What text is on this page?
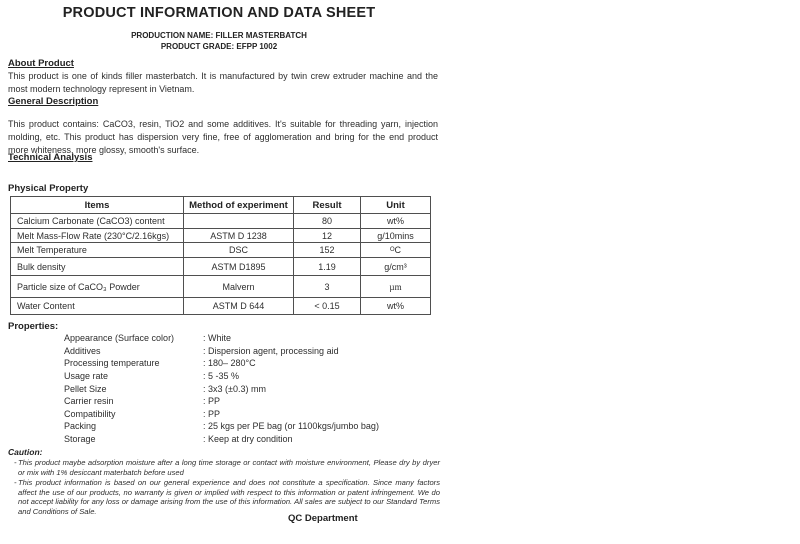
PRODUCT INFORMATION AND DATA SHEET
PRODUCTION NAME: FILLER MASTERBATCH
PRODUCT GRADE: EFPP 1002
About Product
This product is one of kinds filler masterbatch. It is manufactured by twin crew extruder machine and the most modern technology represent in Vietnam.
General Description
This product contains: CaCO3, resin, TiO2 and some additives. It's suitable for threading yarn, injection molding, etc. This product has dispersion very fine, free of agglomeration and bring for the end product more whiteness, more glossy, smooth's surface.
Technical Analysis
Physical Property
Items	Method of experiment	Result	Unit
Calcium Carbonate (CaCO3) content		80	wt%
Melt Mass-Flow Rate (230°C/2.16kgs)	ASTM D 1238	12	g/10mins
Melt Temperature	DSC	152	ᴼC
Bulk density	ASTM D1895	1.19	g/cm³
Particle size of CaCO₃ Powder	Malvern	3	µm
Water Content	ASTM D 644	< 0.15	wt%
Properties:
Appearance (Surface color)	: White
Additives	: Dispersion agent, processing aid
Processing temperature	: 180– 280°C
Usage rate	: 5 -35 %
Pellet Size	: 3x3 (±0.3) mm
Carrier resin	: PP
Compatibility	: PP
Packing	: 25 kgs per PE bag (or 1100kgs/jumbo bag)
Storage	: Keep at dry condition
Caution:
- This product maybe adsorption moisture after a long time storage or contact with moisture environment, Please dry by dryer or mix with 1% desiccant materbatch before used
- This product information is based on our general experience and does not constitute a specification. Since many factors affect the use of our products, no warranty is given or implied with respect to this information or patent infringement. We do not accept liability for any loss or damage arising from the use of this information. All sales are subject to our Standard Terms and Conditions of Sale.
QC Department
